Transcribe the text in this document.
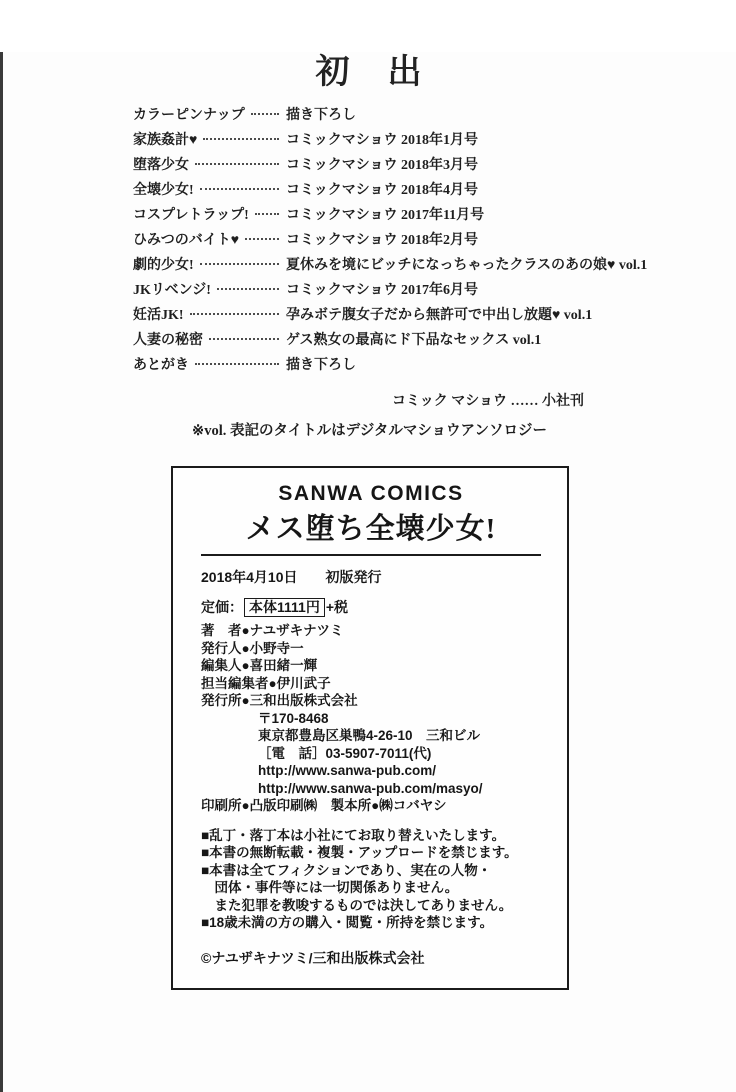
初　出
カラーピンナップ	描き下ろし
家族姦計♥	コミックマショウ 2018年1月号
堕落少女	コミックマショウ 2018年3月号
全壊少女!	コミックマショウ 2018年4月号
コスプレトラップ!	コミックマショウ 2017年11月号
ひみつのバイト♥	コミックマショウ 2018年2月号
劇的少女!	夏休みを境にビッチになっちゃったクラスのあの娘♥ vol.1
JKリベンジ!	コミックマショウ 2017年6月号
妊活JK!	孕みボテ腹女子だから無許可で中出し放題♥ vol.1
人妻の秘密	ゲス熟女の最高にド下品なセックス vol.1
あとがき	描き下ろし
コミック マショウ …… 小社刊
※vol. 表記のタイトルはデジタルマショウアンソロジー
SANWA COMICS
メス堕ち全壊少女!
2018年4月10日　　初版発行
定価： 本体1111円 +税
著　者●ナユザキナツミ
発行人●小野寺一
編集人●喜田緒一輝
担当編集者●伊川武子
発行所●三和出版株式会社
〒170-8468
東京都豊島区巣鴨4-26-10　三和ビル
［電　話］03-5907-7011(代)
http://www.sanwa-pub.com/
http://www.sanwa-pub.com/masyo/
印刷所●凸版印刷㈱　製本所●㈱コバヤシ
■乱丁・落丁本は小社にてお取り替えいたします。
■本書の無断転載・複製・アップロードを禁じます。
■本書は全てフィクションであり、実在の人物・
　団体・事件等には一切関係ありません。
　また犯罪を教唆するものでは決してありません。
■18歳未満の方の購入・閲覧・所持を禁じます。
©ナユザキナツミ/三和出版株式会社
